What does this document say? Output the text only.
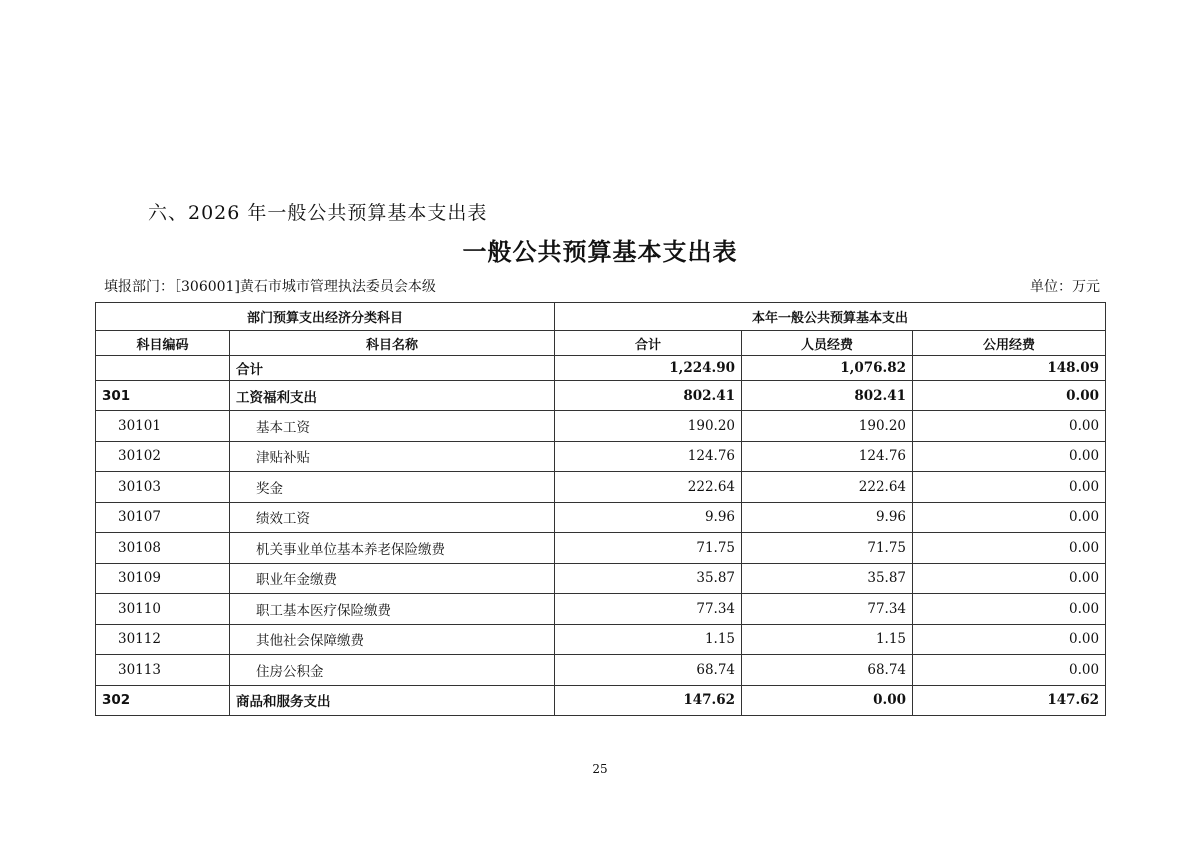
六、2026 年一般公共预算基本支出表
一般公共预算基本支出表
填报部门：［306001]黄石市城市管理执法委员会本级	单位：万元
部门预算支出经济分类科目		本年一般公共预算基本支出		
科目编码	科目名称	合计	人员经费	公用经费
	合计	1,224.90	1,076.82	148.09
301	工资福利支出	802.41	802.41	0.00
30101	基本工资	190.20	190.20	0.00
30102	津贴补贴	124.76	124.76	0.00
30103	奖金	222.64	222.64	0.00
30107	绩效工资	9.96	9.96	0.00
30108	机关事业单位基本养老保险缴费	71.75	71.75	0.00
30109	职业年金缴费	35.87	35.87	0.00
30110	职工基本医疗保险缴费	77.34	77.34	0.00
30112	其他社会保障缴费	1.15	1.15	0.00
30113	住房公积金	68.74	68.74	0.00
302	商品和服务支出	147.62	0.00	147.62
25
